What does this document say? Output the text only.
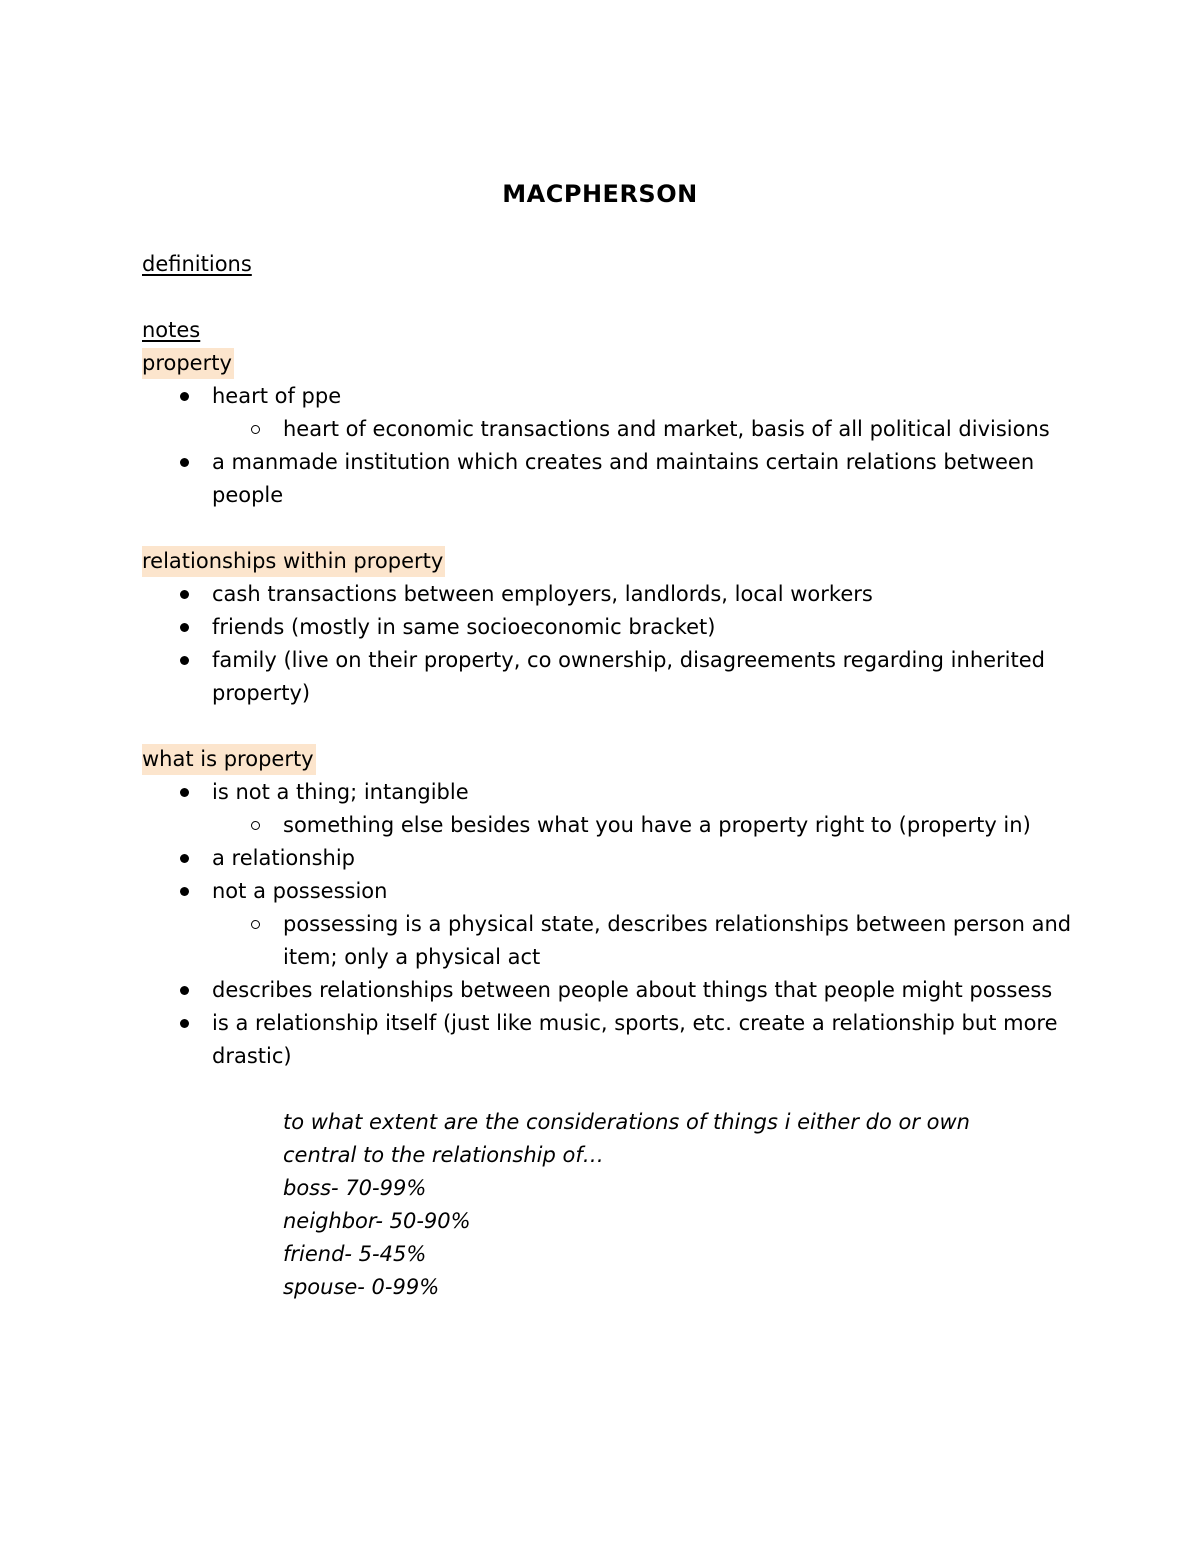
MACPHERSON
definitions
notes
property
heart of ppe
heart of economic transactions and market, basis of all political divisions
a manmade institution which creates and maintains certain relations between people
relationships within property
cash transactions between employers, landlords, local workers
friends (mostly in same socioeconomic bracket)
family (live on their property, co ownership, disagreements regarding inherited property)
what is property
is not a thing; intangible
something else besides what you have a property right to (property in)
a relationship
not a possession
possessing is a physical state, describes relationships between person and item; only a physical act
describes relationships between people about things that people might possess
is a relationship itself (just like music, sports, etc. create a relationship but more drastic)
to what extent are the considerations of things i either do or own
central to the relationship of…
boss- 70-99%
neighbor- 50-90%
friend- 5-45%
spouse- 0-99%
